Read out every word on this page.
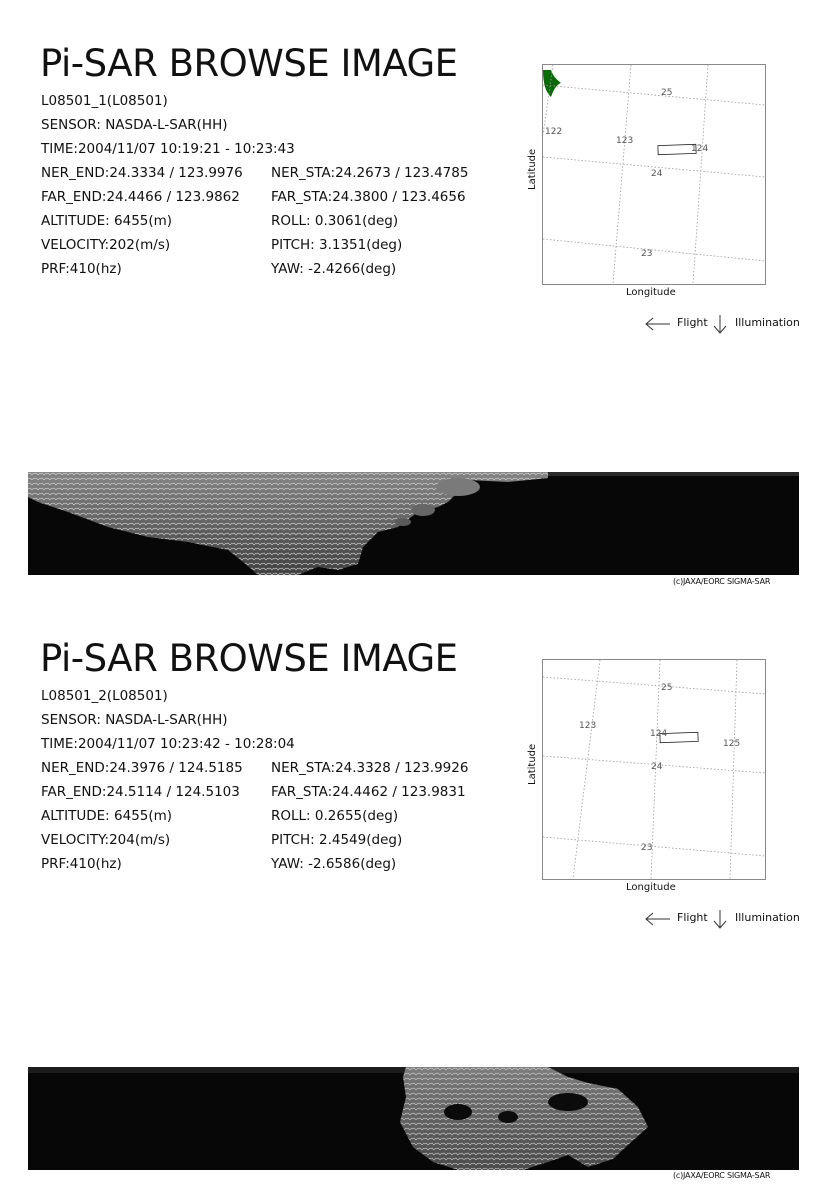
Pi-SAR BROWSE IMAGE
L08501_1(L08501)
SENSOR: NASDA-L-SAR(HH)
TIME:2004/11/07 10:19:21 - 10:23:43
NER_END:24.3334 / 123.9976
FAR_END:24.4466 / 123.9862
ALTITUDE: 6455(m)
VELOCITY:202(m/s)
PRF:410(hz)
NER_STA:24.2673 / 123.4785
FAR_STA:24.3800 / 123.4656
ROLL: 0.3061(deg)
PITCH: 3.1351(deg)
YAW: -2.4266(deg)
25
24
23
122
123
124
Latitude
Longitude
Flight Illumination
(c)JAXA/EORC SIGMA-SAR
Pi-SAR BROWSE IMAGE
L08501_2(L08501)
SENSOR: NASDA-L-SAR(HH)
TIME:2004/11/07 10:23:42 - 10:28:04
NER_END:24.3976 / 124.5185
FAR_END:24.5114 / 124.5103
ALTITUDE: 6455(m)
VELOCITY:204(m/s)
PRF:410(hz)
NER_STA:24.3328 / 123.9926
FAR_STA:24.4462 / 123.9831
ROLL: 0.2655(deg)
PITCH: 2.4549(deg)
YAW: -2.6586(deg)
25
24
23
123
124
125
Latitude
Longitude
Flight Illumination
(c)JAXA/EORC SIGMA-SAR
